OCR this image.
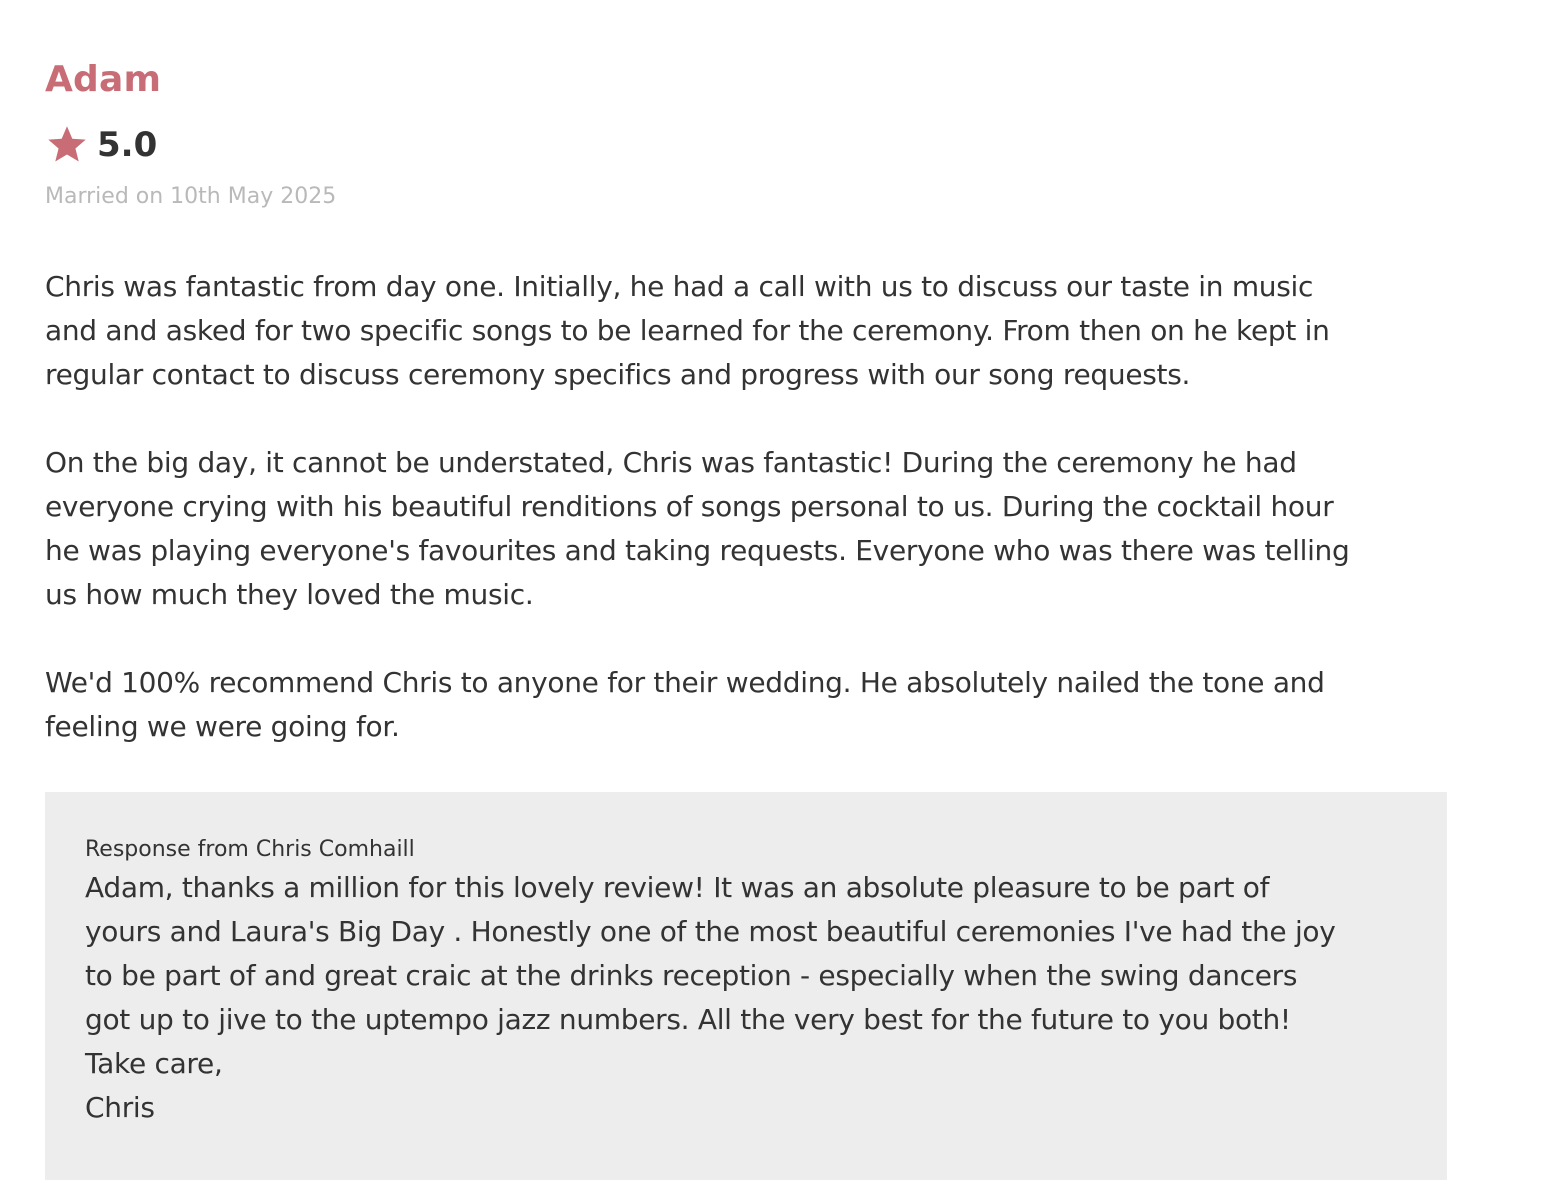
Adam
5.0
Married on 10th May 2025

Chris was fantastic from day one. Initially, he had a call with us to discuss our taste in music
and and asked for two specific songs to be learned for the ceremony. From then on he kept in
regular contact to discuss ceremony specifics and progress with our song requests.

On the big day, it cannot be understated, Chris was fantastic! During the ceremony he had
everyone crying with his beautiful renditions of songs personal to us. During the cocktail hour
he was playing everyone's favourites and taking requests. Everyone who was there was telling
us how much they loved the music.

We'd 100% recommend Chris to anyone for their wedding. He absolutely nailed the tone and
feeling we were going for.

Response from Chris Comhaill

Adam, thanks a million for this lovely review! It was an absolute pleasure to be part of
yours and Laura's Big Day . Honestly one of the most beautiful ceremonies I've had the joy
to be part of and great craic at the drinks reception - especially when the swing dancers
got up to jive to the uptempo jazz numbers. All the very best for the future to you both!
Take care,
Chris
